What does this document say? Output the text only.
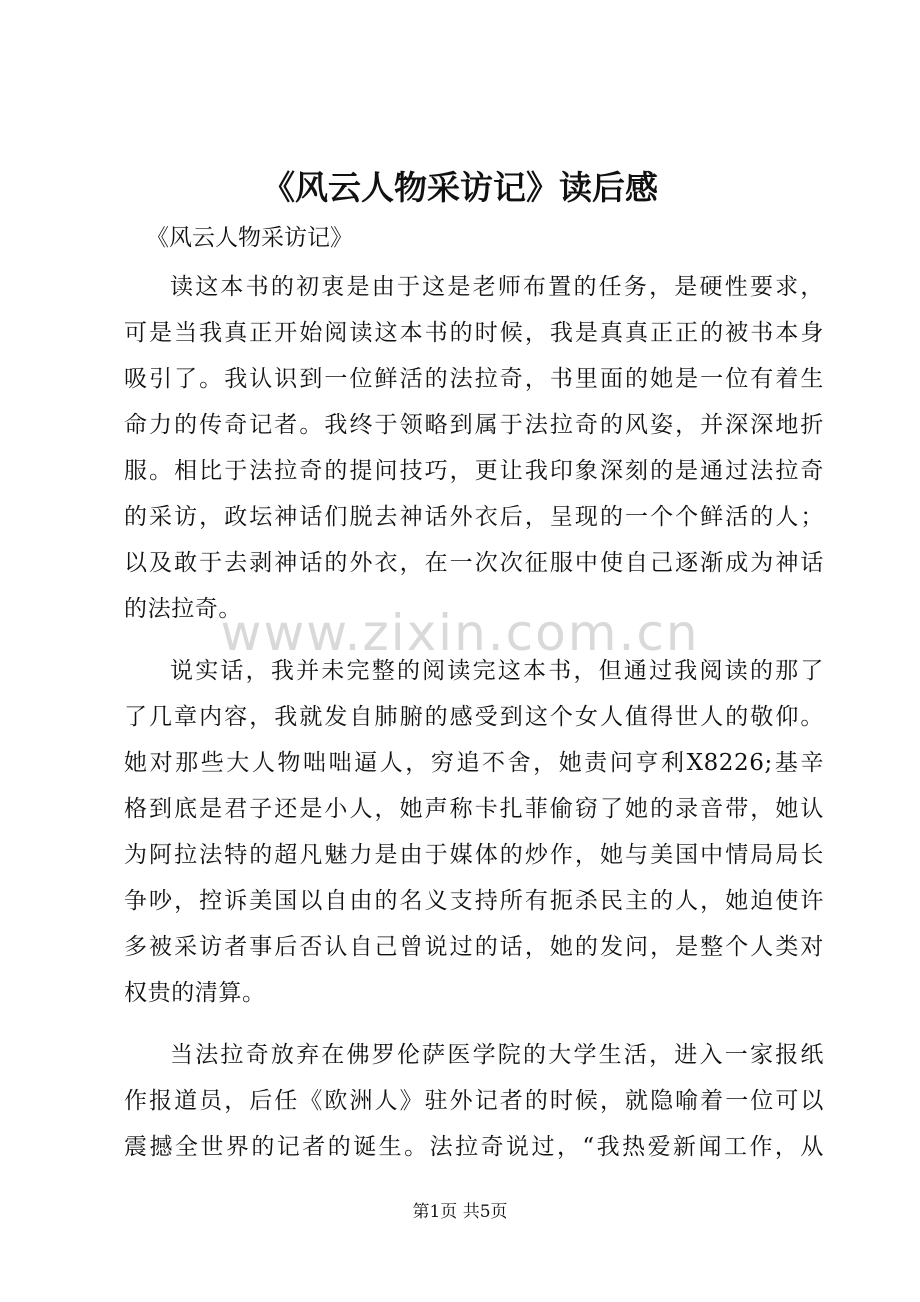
www.zixin.com.cn
《风云人物采访记》读后感

《风云人物采访记》

读这本书的初衷是由于这是老师布置的任务，是硬性要求，
可是当我真正开始阅读这本书的时候，我是真真正正的被书本身
吸引了。我认识到一位鲜活的法拉奇，书里面的她是一位有着生
命力的传奇记者。我终于领略到属于法拉奇的风姿，并深深地折
服。相比于法拉奇的提问技巧，更让我印象深刻的是通过法拉奇
的采访，政坛神话们脱去神话外衣后，呈现的一个个鲜活的人；
以及敢于去剥神话的外衣，在一次次征服中使自己逐渐成为神话
的法拉奇。
说实话，我并未完整的阅读完这本书，但通过我阅读的那了
了几章内容，我就发自肺腑的感受到这个女人值得世人的敬仰。
她对那些大人物咄咄逼人，穷追不舍，她责问亨利X8226;基辛
格到底是君子还是小人，她声称卡扎菲偷窃了她的录音带，她认
为阿拉法特的超凡魅力是由于媒体的炒作，她与美国中情局局长
争吵，控诉美国以自由的名义支持所有扼杀民主的人，她迫使许
多被采访者事后否认自己曾说过的话，她的发问，是整个人类对
权贵的清算。
当法拉奇放弃在佛罗伦萨医学院的大学生活，进入一家报纸
作报道员，后任《欧洲人》驻外记者的时候，就隐喻着一位可以
震撼全世界的记者的诞生。法拉奇说过，“我热爱新闻工作，从

第1页 共5页
